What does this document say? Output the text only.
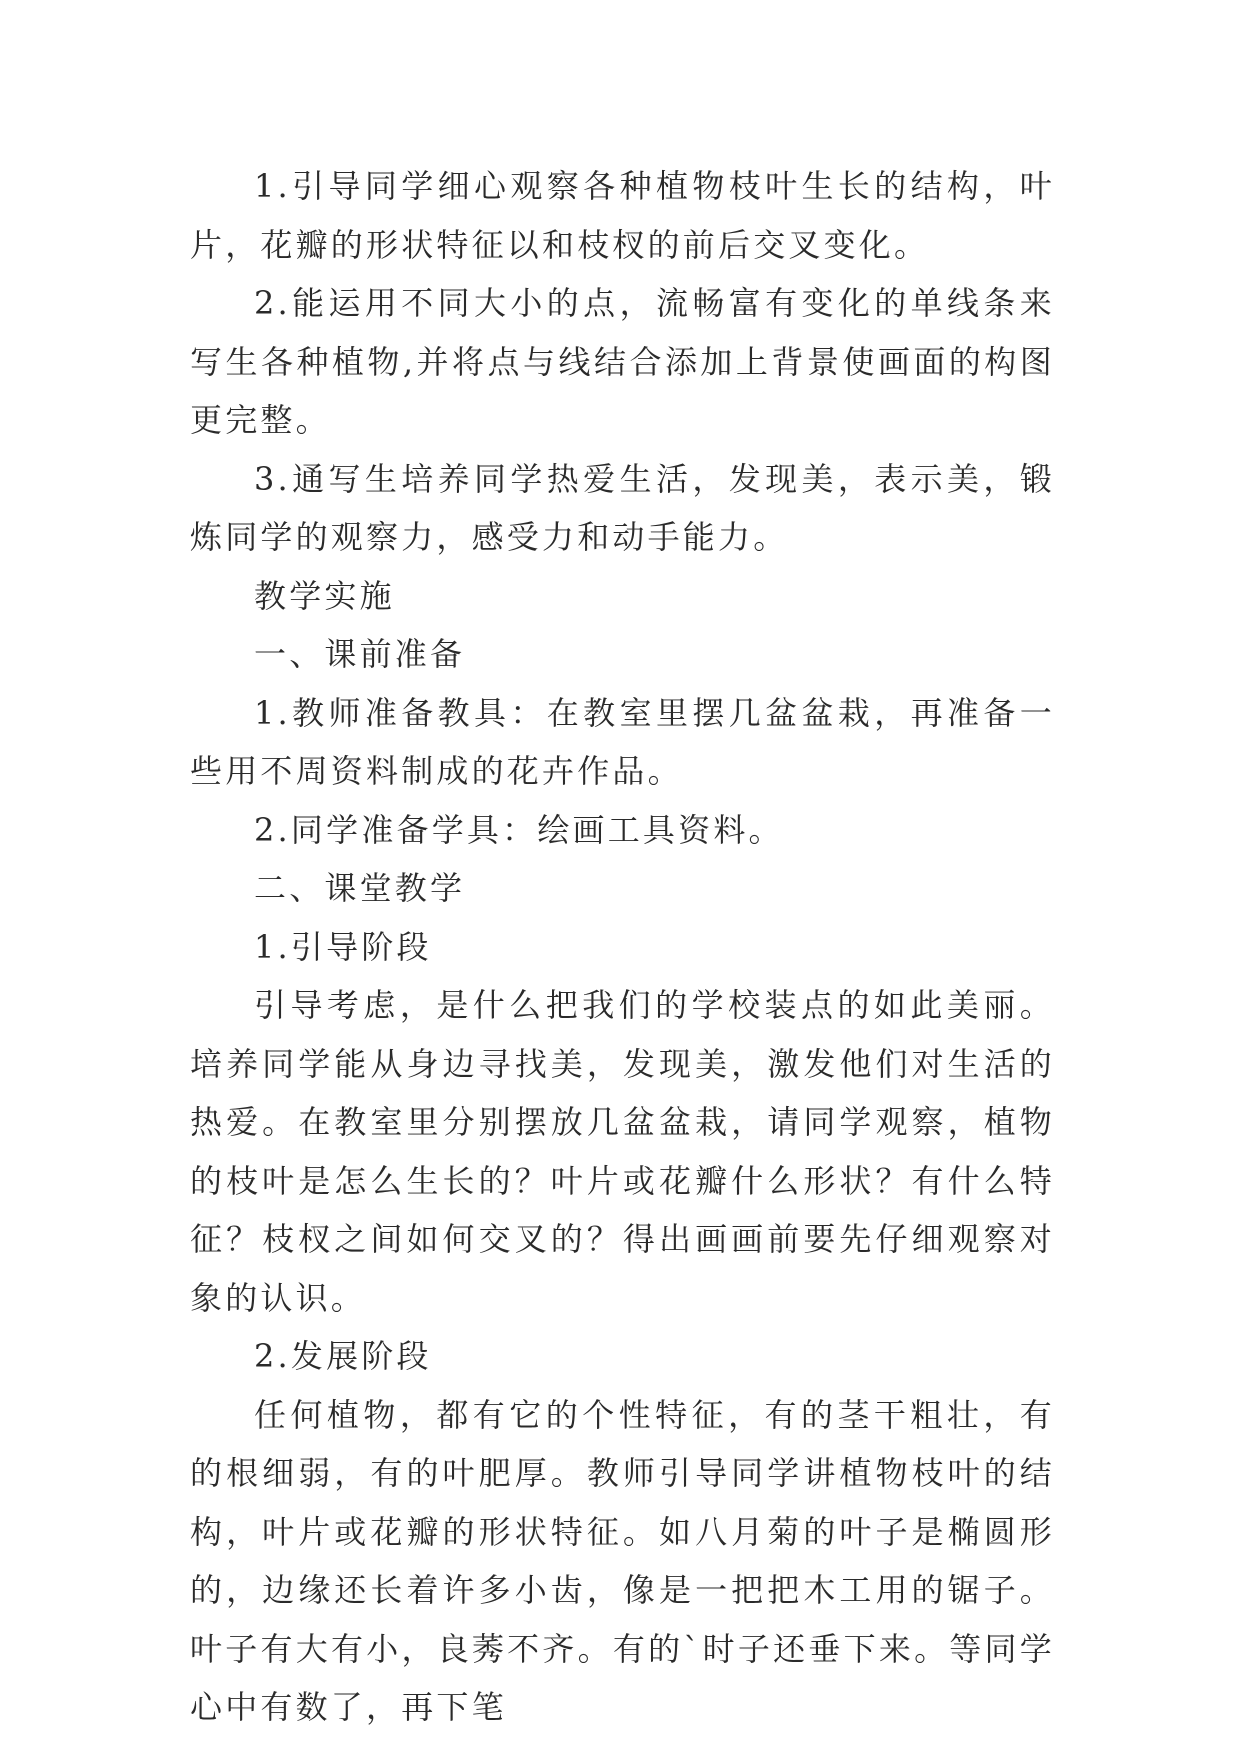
1.引导同学细心观察各种植物枝叶生长的结构，叶片，花瓣的形状特征以和枝杈的前后交叉变化。

2.能运用不同大小的点，流畅富有变化的单线条来写生各种植物,并将点与线结合添加上背景使画面的构图更完整。

3.通写生培养同学热爱生活，发现美，表示美，锻炼同学的观察力，感受力和动手能力。

教学实施

一、课前准备

1.教师准备教具：在教室里摆几盆盆栽，再准备一些用不周资料制成的花卉作品。

2.同学准备学具：绘画工具资料。

二、课堂教学

1.引导阶段

引导考虑，是什么把我们的学校装点的如此美丽。培养同学能从身边寻找美，发现美，激发他们对生活的热爱。在教室里分别摆放几盆盆栽，请同学观察，植物的枝叶是怎么生长的？叶片或花瓣什么形状？有什么特征？枝杈之间如何交叉的？得出画画前要先仔细观察对象的认识。

2.发展阶段

任何植物，都有它的个性特征，有的茎干粗壮，有的根细弱，有的叶肥厚。教师引导同学讲植物枝叶的结构，叶片或花瓣的形状特征。如八月菊的叶子是椭圆形的，边缘还长着许多小齿，像是一把把木工用的锯子。叶子有大有小，良莠不齐。有的`时子还垂下来。等同学心中有数了，再下笔
